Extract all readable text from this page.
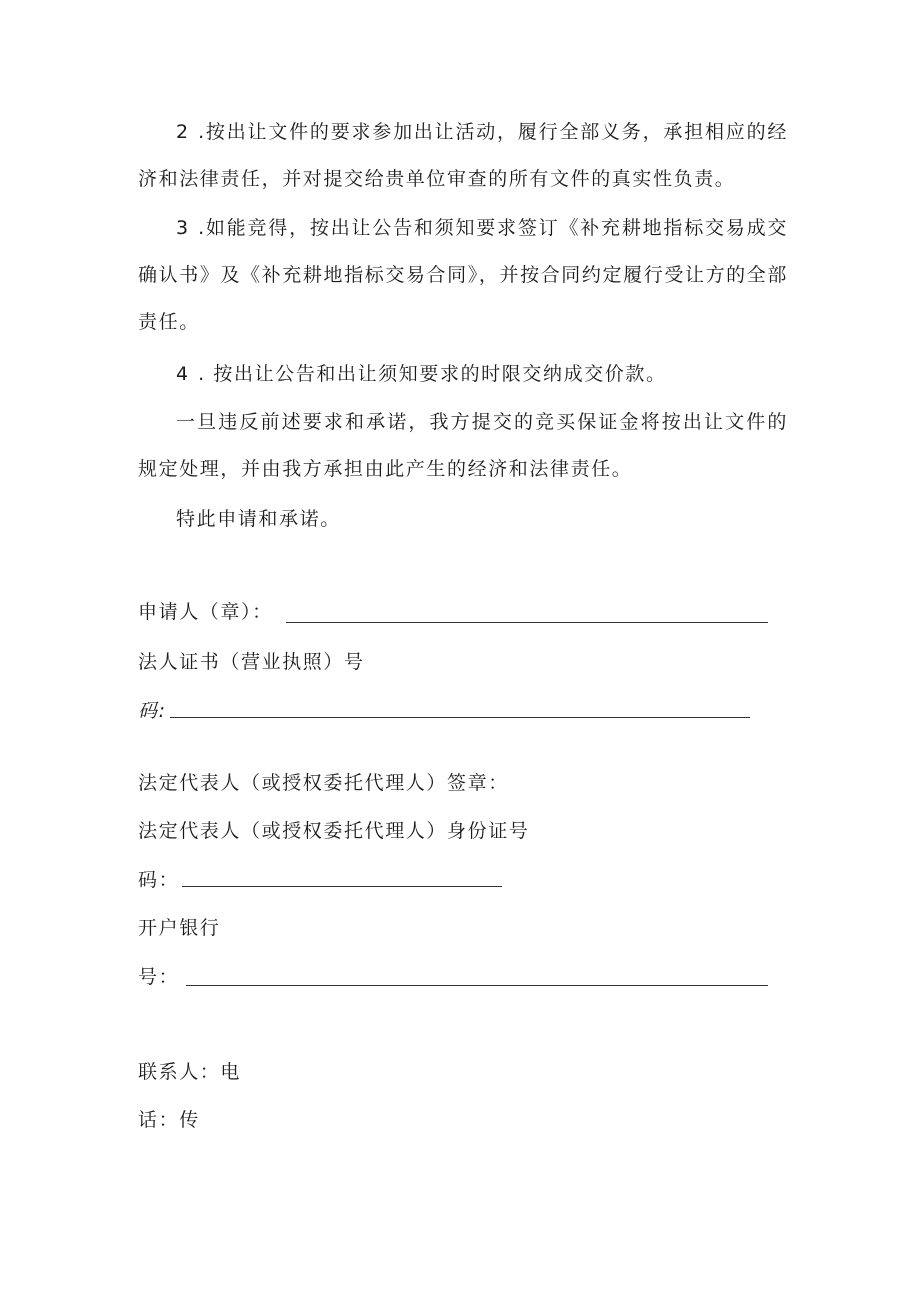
2 .按出让文件的要求参加出让活动，履行全部义务，承担相应的经济和法律责任，并对提交给贵单位审查的所有文件的真实性负责。

3 .如能竞得，按出让公告和须知要求签订《补充耕地指标交易成交确认书》及《补充耕地指标交易合同》，并按合同约定履行受让方的全部责任。

4 . 按出让公告和出让须知要求的时限交纳成交价款。

一旦违反前述要求和承诺，我方提交的竞买保证金将按出让文件的规定处理，并由我方承担由此产生的经济和法律责任。

特此申请和承诺。

申请人（章）：

法人证书（营业执照）号

码:

法定代表人（或授权委托代理人）签章：

法定代表人（或授权委托代理人）身份证号

码：

开户银行

号：

联系人：电

话：传
